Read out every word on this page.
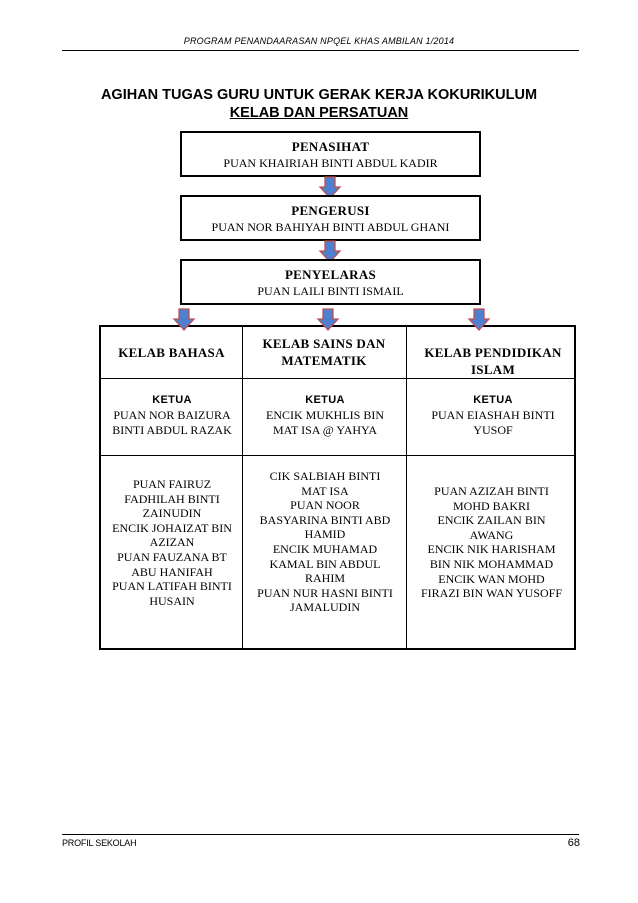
PROGRAM PENANDAARASAN NPQEL KHAS AMBILAN 1/2014
AGIHAN TUGAS GURU UNTUK GERAK KERJA KOKURIKULUM
KELAB DAN PERSATUAN
PENASIHAT
PUAN KHAIRIAH BINTI ABDUL KADIR
PENGERUSI
PUAN NOR BAHIYAH BINTI ABDUL GHANI
PENYELARAS
PUAN LAILI BINTI ISMAIL
KELAB BAHASA
KELAB SAINS DAN MATEMATIK
KELAB PENDIDIKAN ISLAM
KETUA
PUAN NOR BAIZURA BINTI ABDUL RAZAK
KETUA
ENCIK MUKHLIS BIN MAT ISA @ YAHYA
KETUA
PUAN EIASHAH BINTI YUSOF
PUAN FAIRUZ
FADHILAH BINTI
ZAINUDIN
ENCIK JOHAIZAT BIN
AZIZAN
PUAN FAUZANA BT
ABU HANIFAH
PUAN LATIFAH BINTI
HUSAIN
CIK SALBIAH BINTI
MAT ISA
PUAN NOOR
BASYARINA BINTI ABD
HAMID
ENCIK MUHAMAD
KAMAL BIN ABDUL
RAHIM
PUAN NUR HASNI BINTI
JAMALUDIN
PUAN AZIZAH BINTI
MOHD BAKRI
ENCIK ZAILAN BIN
AWANG
ENCIK NIK HARISHAM
BIN NIK MOHAMMAD
ENCIK WAN MOHD
FIRAZI BIN WAN YUSOFF
PROFIL SEKOLAH	68
